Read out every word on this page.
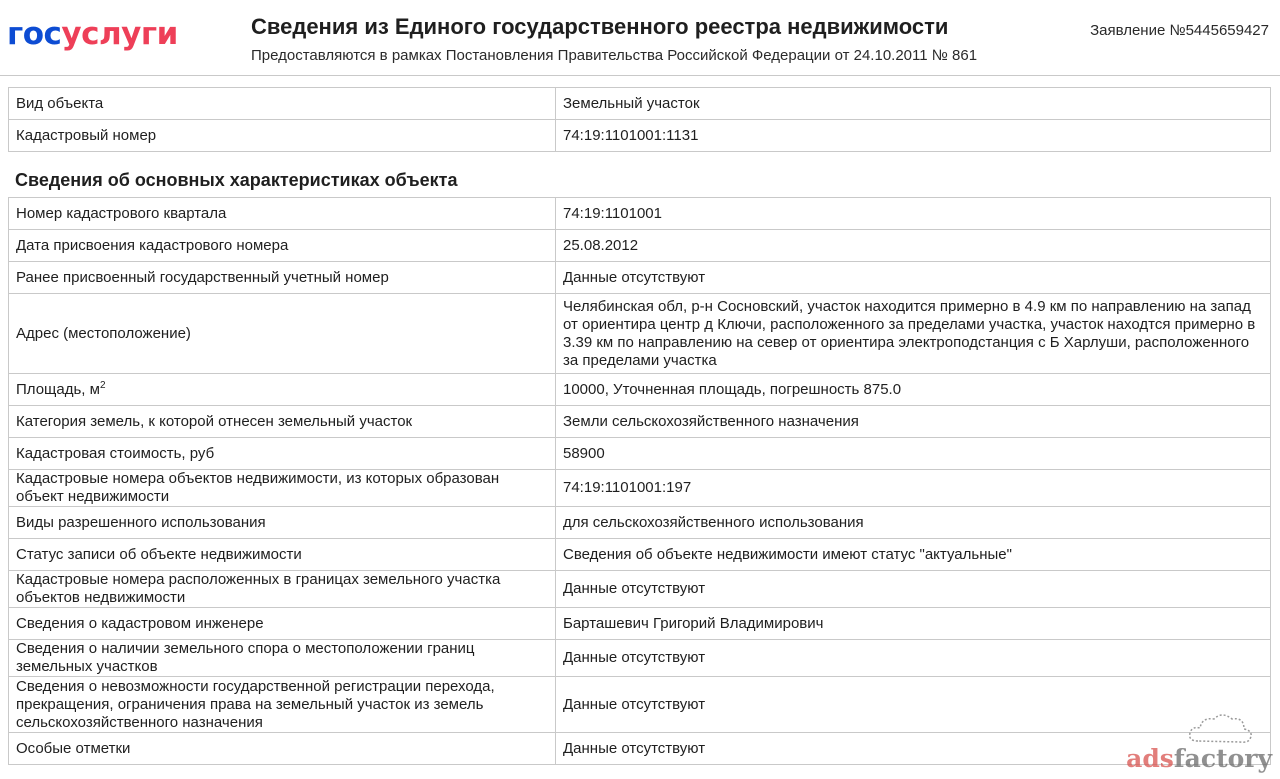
госуслуги	Сведения из Единого государственного реестра недвижимости
Предоставляются в рамках Постановления Правительства Российской Федерации от 24.10.2011 № 861
Заявление №5445659427
Вид объекта	Земельный участок
Кадастровый номер	74:19:1101001:1131
Сведения об основных характеристиках объекта
Номер кадастрового квартала	74:19:1101001
Дата присвоения кадастрового номера	25.08.2012
Ранее присвоенный государственный учетный номер	Данные отсутствуют
Адрес (местоположение)	Челябинская обл, р-н Сосновский, участок находится примерно в 4.9 км по направлению на запад от ориентира центр д Ключи, расположенного за пределами участка, участок находтся примерно в 3.39 км по направлению на север от ориентира электроподстанция с Б Харлуши, расположенного за пределами участка
Площадь, $м^2$	10000, Уточненная площадь, погрешность 875.0
Категория земель, к которой отнесен земельный участок	Земли сельскохозяйственного назначения
Кадастровая стоимость, руб	58900
Кадастровые номера объектов недвижимости, из которых образован объект недвижимости	74:19:1101001:197
Виды разрешенного использования	для сельскохозяйственного использования
Статус записи об объекте недвижимости	Сведения об объекте недвижимости имеют статус "актуальные"
Кадастровые номера расположенных в границах земельного участка объектов недвижимости	Данные отсутствуют
Сведения о кадастровом инженере	Барташевич Григорий Владимирович
Сведения о наличии земельного спора о местоположении границ земельных участков	Данные отсутствуют
Сведения о невозможности государственной регистрации перехода, прекращения, ограничения права на земельный участок из земель сельскохозяйственного назначения	Данные отсутствуют
Особые отметки	Данные отсутствуют	adsfactory
